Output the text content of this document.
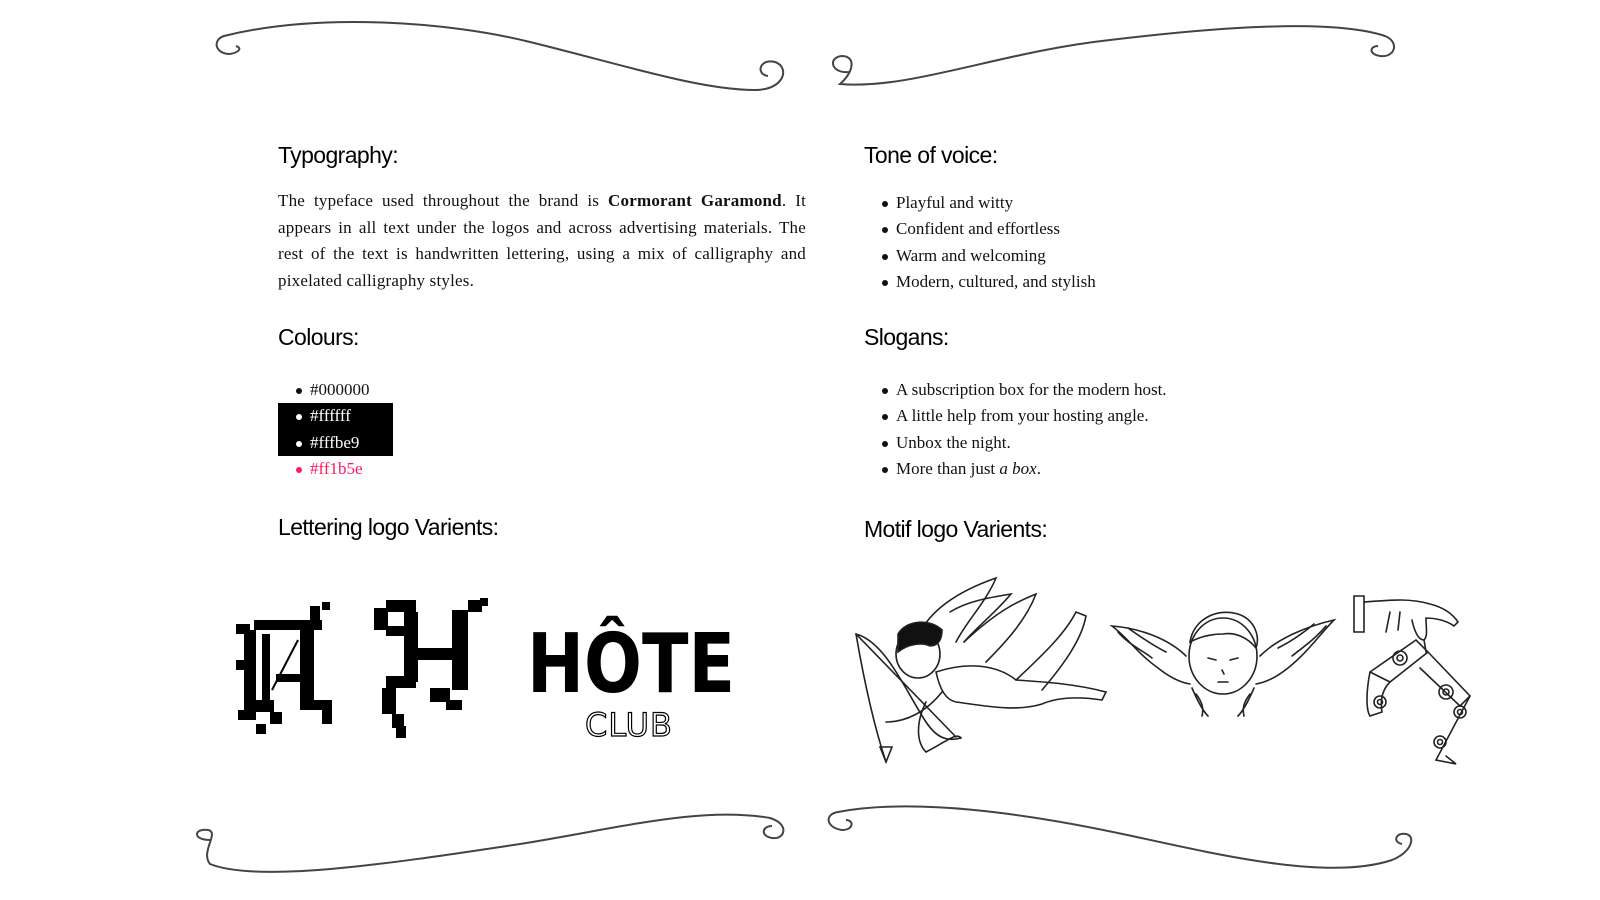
Typography:

The typeface used throughout the brand is Cormorant Garamond. It appears in all text under the logos and across advertising materials. The rest of the text is handwritten lettering, using a mix of calligraphy and pixelated calligraphy styles.

Colours:
#000000
#ffffff
#fffbe9
#ff1b5e
Lettering logo Varients:
HÔTE
CLUB
Tone of voice:
Playful and witty
Confident and effortless
Warm and welcoming
Modern, cultured, and stylish
Slogans:
A subscription box for the modern host.
A little help from your hosting angle.
Unbox the night.
More than just a box.
Motif logo Varients:
